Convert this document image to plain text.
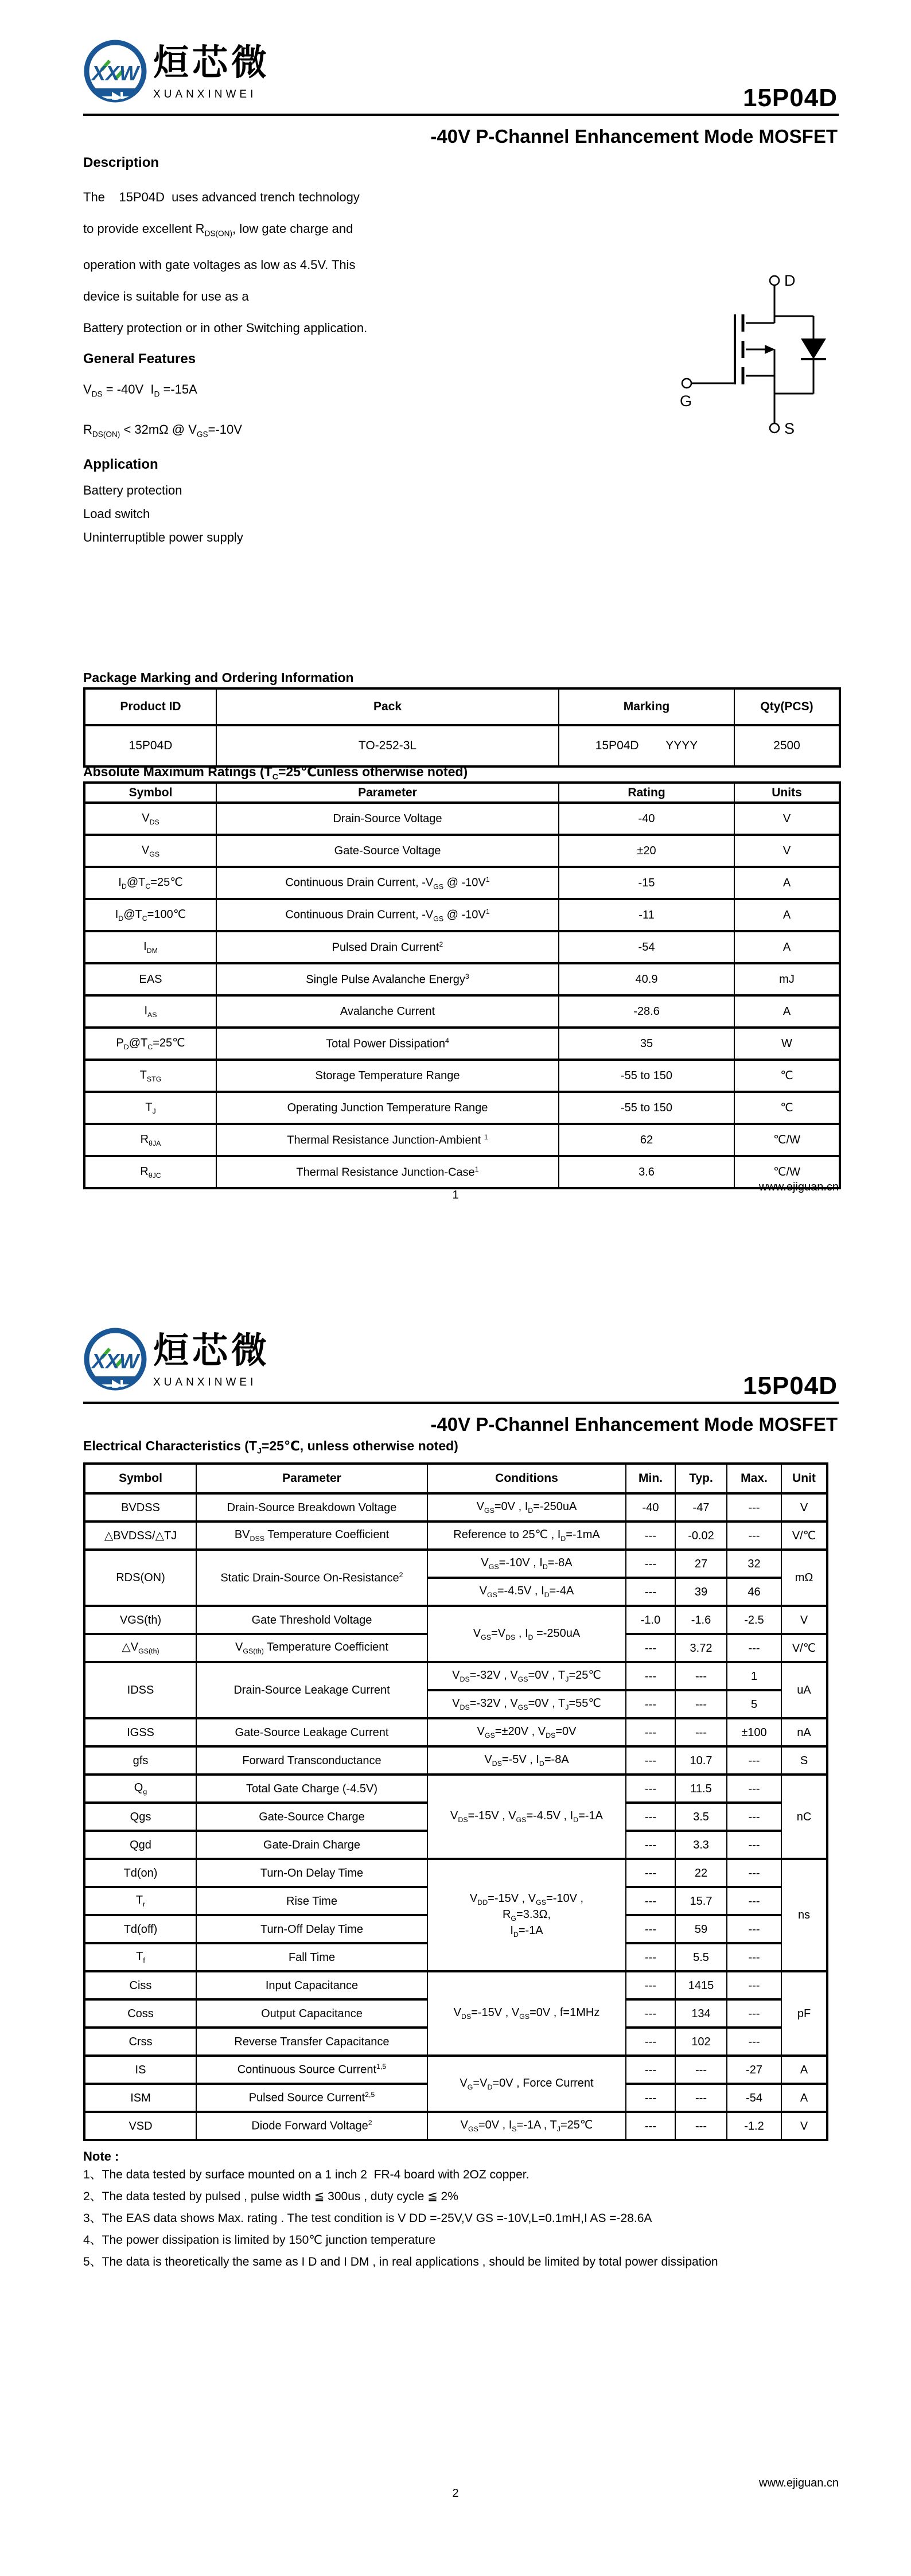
XXW 烜芯微
XUANXINWEI	15P04D
-40V P-Channel Enhancement Mode MOSFET
Description
The    15P04D  uses advanced trench technology
to provide excellent $R_{DS(ON)}$, low gate charge and
operation with gate voltages as low as 4.5V. This
device is suitable for use as a
Battery protection or in other Switching application.
General Features
$V_{DS} = -40V$  $I_D =-15A$
$R_{DS(ON)} < 32m\Omega$ @ $V_{GS}=-10V$
Application
Battery protection
Load switch
Uninterruptible power supply
D
G
S
Package Marking and Ordering Information
Product ID	Pack	Marking	Qty(PCS)
15P04D	TO-252-3L	15P04D        YYYY	2500
Absolute Maximum Ratings ($T_C=25℃unless$ otherwise noted)
Symbol	Parameter	Rating	Units
$V_{DS}$	Drain-Source Voltage	-40	V
$V_{GS}$	Gate-Source Voltage	±20	V
$I_D@T_C=25℃$	Continuous Drain Current, $-V_{GS}$ @ $-10V^1$	-15	A
$I_D@T_C=100℃$	Continuous Drain Current, $-V_{GS}$ @ $-10V^1$	-11	A
$I_{DM}$	Pulsed Drain Current$^2$	-54	A
EAS	Single Pulse Avalanche Energy$^3$	40.9	mJ
$I_{AS}$	Avalanche Current	-28.6	A
$P_D@T_C=25℃$	Total Power Dissipation$^4$	35	W
$T_{STG}$	Storage Temperature Range	-55 to 150	℃
$T_J$	Operating Junction Temperature Range	-55 to 150	℃
$R_{\theta JA}$	Thermal Resistance Junction-Ambient $^1$	62	℃/W
$R_{\theta JC}$	Thermal Resistance Junction-Case$^1$	3.6	℃/W
1
www.ejiguan.cn
XXW 烜芯微
XUANXINWEI	15P04D
-40V P-Channel Enhancement Mode MOSFET
Electrical Characteristics ($T_J=25℃$, unless otherwise noted)
Symbol	Parameter	Conditions	Min.	Typ.	Max.	Unit
BVDSS	Drain-Source Breakdown Voltage	$V_{GS}=0V$ , $I_D=-250uA$	-40	-47	---	V
△BVDSS/△TJ	$BV_{DSS}$ Temperature Coefficient	Reference to 25℃ , $I_D=-1mA$	---	-0.02	---	V/℃
RDS(ON)	Static Drain-Source On-Resistance$^2$	$V_{GS}=-10V$ , $I_D=-8A$	---	27	32	mΩ
		$V_{GS}=-4.5V$ , $I_D=-4A$	---	39	46	
VGS(th)	Gate Threshold Voltage	$V_{GS}=V_{DS}$ , $I_D =-250uA$	-1.0	-1.6	-2.5	V
$\triangle V_{GS(th)}$	$V_{GS(th)}$ Temperature Coefficient		---	3.72	---	V/℃
IDSS	Drain-Source Leakage Current	$V_{DS}=-32V$ , $V_{GS}=0V$ , $T_J=25℃$	---	---	1	uA
		$V_{DS}=-32V$ , $V_{GS}=0V$ , $T_J=55℃$	---	---	5	
IGSS	Gate-Source Leakage Current	$V_{GS}=\pm 20V$ , $V_{DS}=0V$	---	---	±100	nA
gfs	Forward Transconductance	$V_{DS}=-5V$ , $I_D=-8A$	---	10.7	---	S
$Q_g$	Total Gate Charge (-4.5V)	$V_{DS}=-15V$ , $V_{GS}=-4.5V$ , $I_D=-1A$	---	11.5	---	nC
Qgs	Gate-Source Charge		---	3.5	---	
Qgd	Gate-Drain Charge		---	3.3	---	
Td(on)	Turn-On Delay Time	$V_{DD}=-15V$ , $V_{GS}=-10V$ ,
$R_G=3.3\Omega$,
$I_D=-1A$	---	22	---	ns
$T_r$	Rise Time		---	15.7	---	
Td(off)	Turn-Off Delay Time		---	59	---	
$T_f$	Fall Time		---	5.5	---	
Ciss	Input Capacitance	$V_{DS}=-15V$ , $V_{GS}=0V$ , f=1MHz	---	1415	---	pF
Coss	Output Capacitance		---	134	---	
Crss	Reverse Transfer Capacitance		---	102	---	
IS	Continuous Source Current$^{1,5}$	$V_G=V_D=0V$ , Force Current	---	---	-27	A
ISM	Pulsed Source Current$^{2,5}$		---	---	-54	A
VSD	Diode Forward Voltage$^2$	$V_{GS}=0V$ , $I_S=-1A$ , $T_J=25℃$	---	---	-1.2	V
Note :
1、The data tested by surface mounted on a 1 inch 2  FR-4 board with 2OZ copper.
2、The data tested by pulsed , pulse width ≦ 300us , duty cycle ≦ 2%
3、The EAS data shows Max. rating . The test condition is V DD =-25V,V GS =-10V,L=0.1mH,I AS =-28.6A
4、The power dissipation is limited by 150℃ junction temperature
5、The data is theoretically the same as I D and I DM , in real applications , should be limited by total power dissipation
2
www.ejiguan.cn
